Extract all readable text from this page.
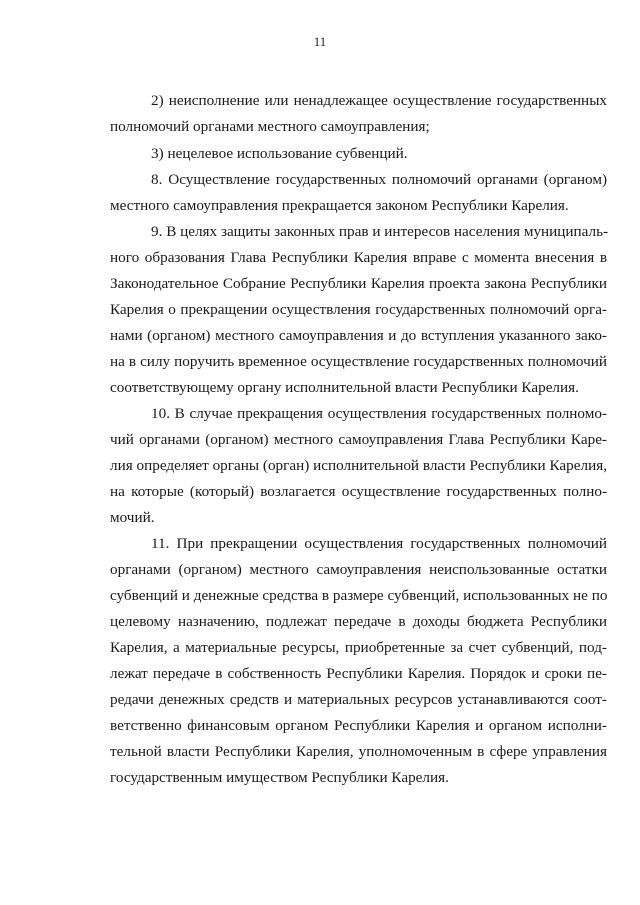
11
2) неисполнение или ненадлежащее осуществление государственных
полномочий органами местного самоуправления;
3) нецелевое использование субвенций.
8. Осуществление государственных полномочий органами (органом)
местного самоуправления прекращается законом Республики Карелия.
9. В целях защиты законных прав и интересов населения муниципаль-
ного образования Глава Республики Карелия вправе с момента внесения в
Законодательное Собрание Республики Карелия проекта закона Республики
Карелия о прекращении осуществления государственных полномочий орга-
нами (органом) местного самоуправления и до вступления указанного зако-
на в силу поручить временное осуществление государственных полномочий
соответствующему органу исполнительной власти Республики Карелия.
10. В случае прекращения осуществления государственных полномо-
чий органами (органом) местного самоуправления Глава Республики Каре-
лия определяет органы (орган) исполнительной власти Республики Карелия,
на которые (который) возлагается осуществление государственных полно-
мочий.
11. При прекращении осуществления государственных полномочий
органами (органом) местного самоуправления неиспользованные остатки
субвенций и денежные средства в размере субвенций, использованных не по
целевому назначению, подлежат передаче в доходы бюджета Республики
Карелия, а материальные ресурсы, приобретенные за счет субвенций, под-
лежат передаче в собственность Республики Карелия. Порядок и сроки пе-
редачи денежных средств и материальных ресурсов устанавливаются соот-
ветственно финансовым органом Республики Карелия и органом исполни-
тельной власти Республики Карелия, уполномоченным в сфере управления
государственным имуществом Республики Карелия.
